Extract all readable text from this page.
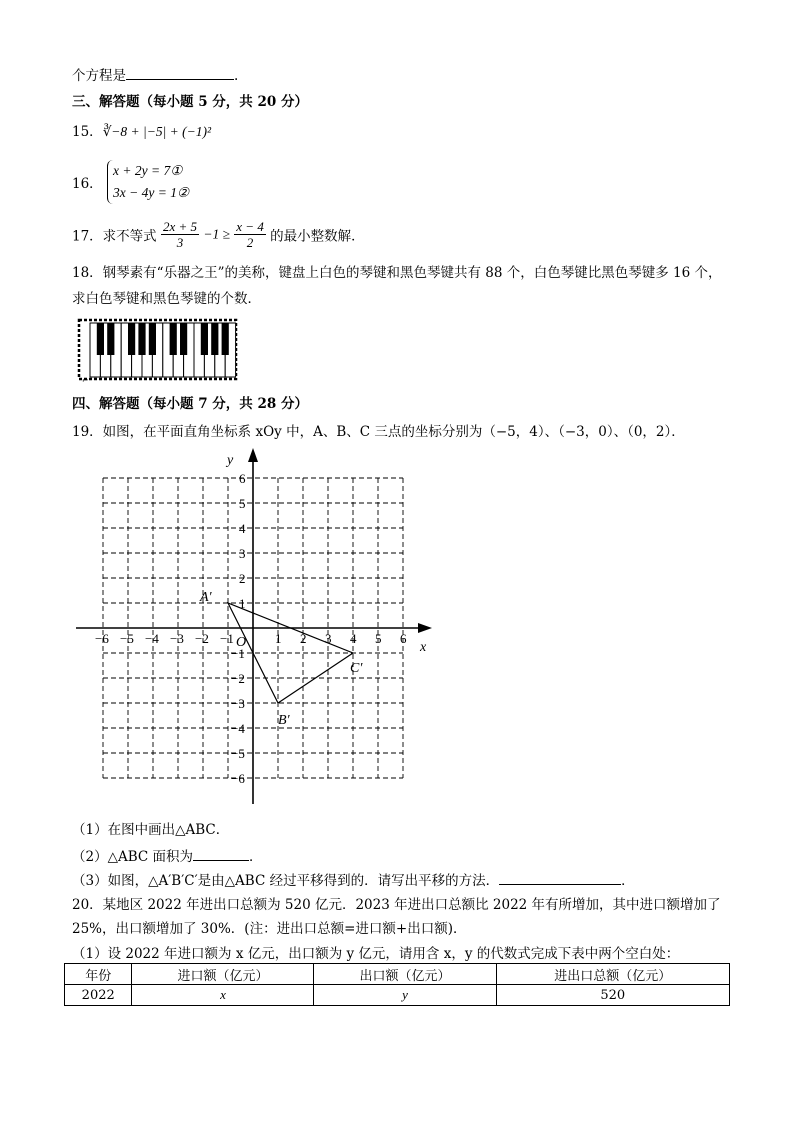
个方程是	.
三、解答题（每小题 5 分，共 20 分）
15．∛−8 + |−5| + (−1)²
16．
x + 2y = 7①
3x − 4y = 1②
17．求不等式 $\frac{2x + 5}{3} -1 \ge \frac{x - 4}{2}$ 的最小整数解．
18．钢琴素有“乐器之王”的美称，键盘上白色的琴键和黑色琴键共有 88 个，白色琴键比黑色琴键多 16 个，
求白色琴键和黑色琴键的个数．
⌐
四、解答题（每小题 7 分，共 28 分）
19．如图，在平面直角坐标系 xOy 中，A、B、C 三点的坐标分别为（−5，4）、（−3，0）、（0，2）．
−6 −5 −4 −3 −2 −1	1 2 3 4 5 6
6
5
4
3
2
1
−1
−2
−3
−4
−5
−6
x
y
O
A′
B′
C′
（1）在图中画出△ABC．
（2）△ABC 面积为	．
（3）如图，△A′B′C′是由△ABC 经过平移得到的．请写出平移的方法．	．
20．某地区 2022 年进出口总额为 520 亿元．2023 年进出口总额比 2022 年有所增加，其中进口额增加了
25%，出口额增加了 30%．(注：进出口总额=进口额+出口额)．
（1）设 2022 年进口额为 x 亿元，出口额为 y 亿元，请用含 x，y 的代数式完成下表中两个空白处：
年份	进口额（亿元）	出口额（亿元）	进出口总额（亿元）
2022	x	y	520
